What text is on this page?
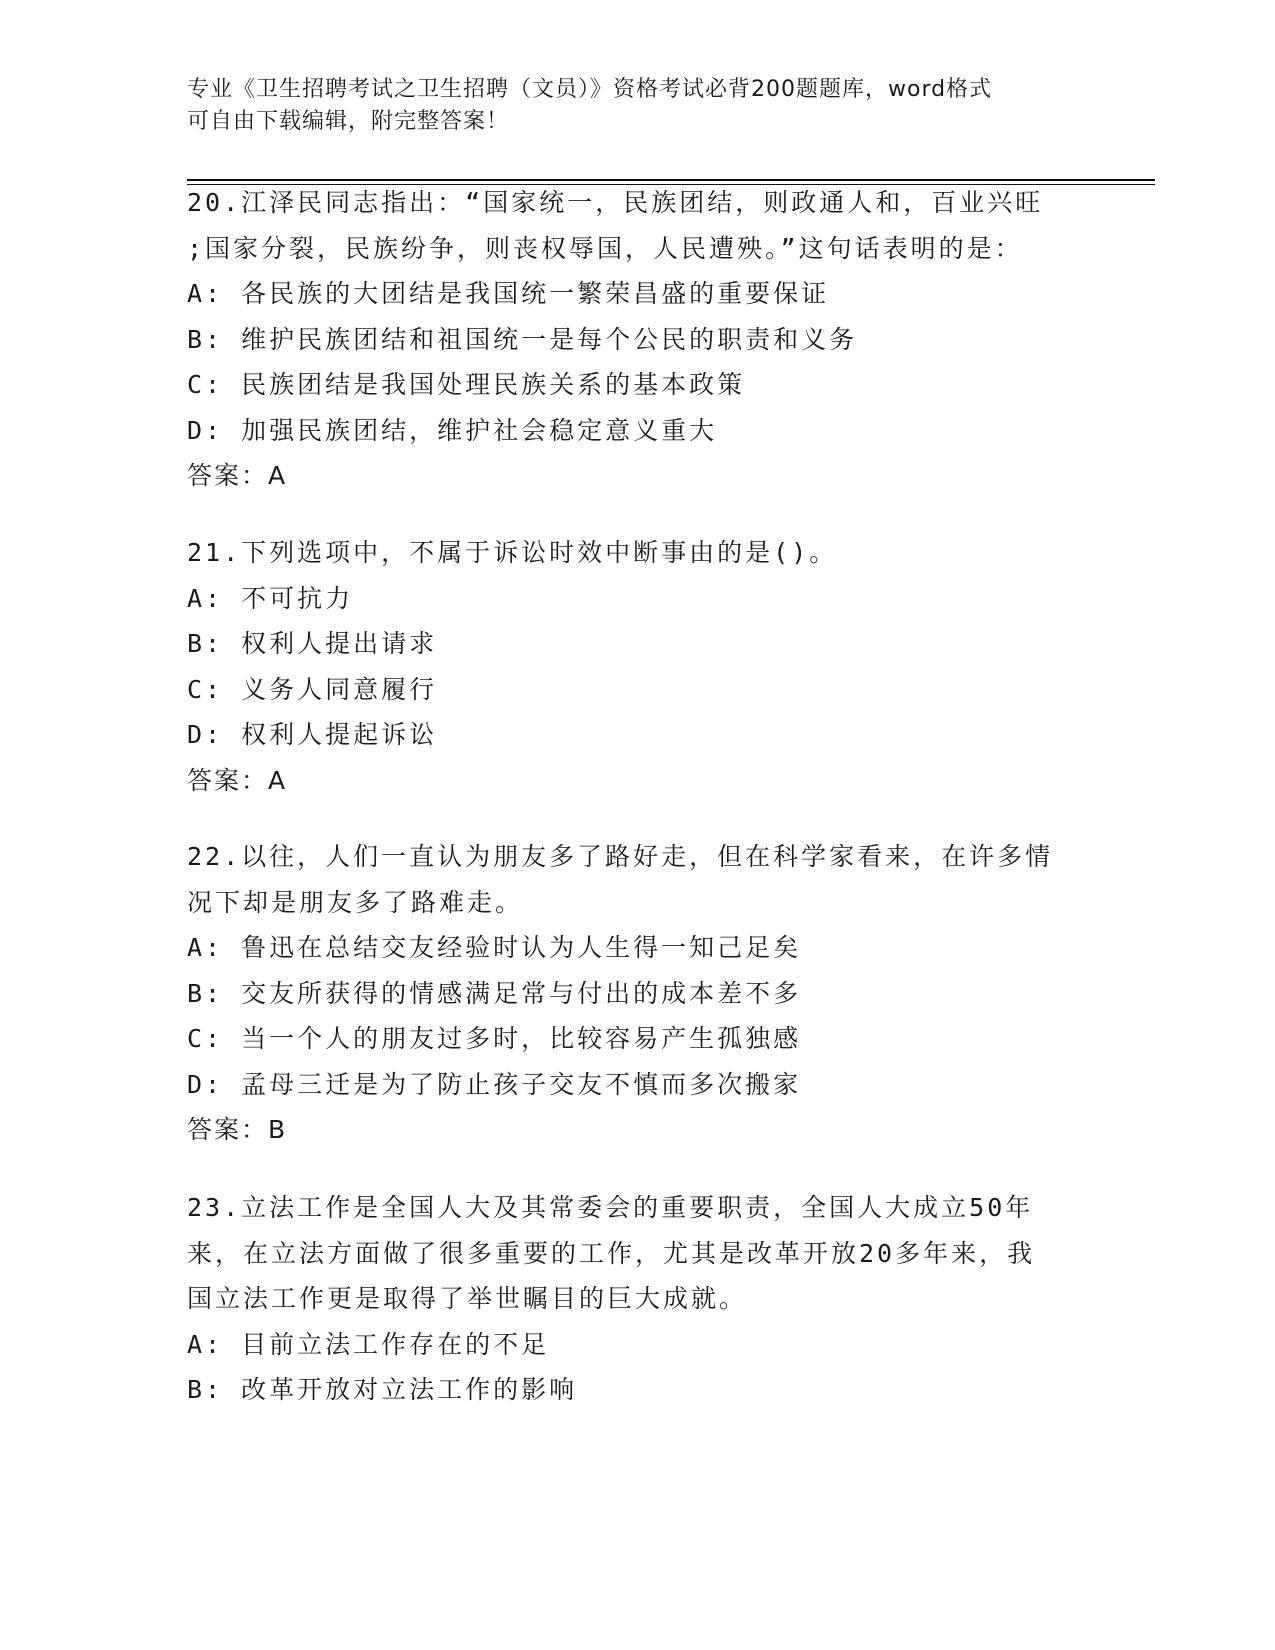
专业《卫生招聘考试之卫生招聘（文员）》资格考试必背200题题库，word格式
可自由下载编辑，附完整答案！
20.江泽民同志指出：“国家统一，民族团结，则政通人和，百业兴旺
;国家分裂，民族纷争，则丧权辱国，人民遭殃。”这句话表明的是：
A: 各民族的大团结是我国统一繁荣昌盛的重要保证
B: 维护民族团结和祖国统一是每个公民的职责和义务
C: 民族团结是我国处理民族关系的基本政策
D: 加强民族团结，维护社会稳定意义重大
答案：A
21.下列选项中，不属于诉讼时效中断事由的是()。
A: 不可抗力
B: 权利人提出请求
C: 义务人同意履行
D: 权利人提起诉讼
答案：A
22.以往，人们一直认为朋友多了路好走，但在科学家看来，在许多情
况下却是朋友多了路难走。
A: 鲁迅在总结交友经验时认为人生得一知己足矣
B: 交友所获得的情感满足常与付出的成本差不多
C: 当一个人的朋友过多时，比较容易产生孤独感
D: 孟母三迁是为了防止孩子交友不慎而多次搬家
答案：B
23.立法工作是全国人大及其常委会的重要职责，全国人大成立50年
来，在立法方面做了很多重要的工作，尤其是改革开放20多年来，我
国立法工作更是取得了举世瞩目的巨大成就。
A: 目前立法工作存在的不足
B: 改革开放对立法工作的影响
